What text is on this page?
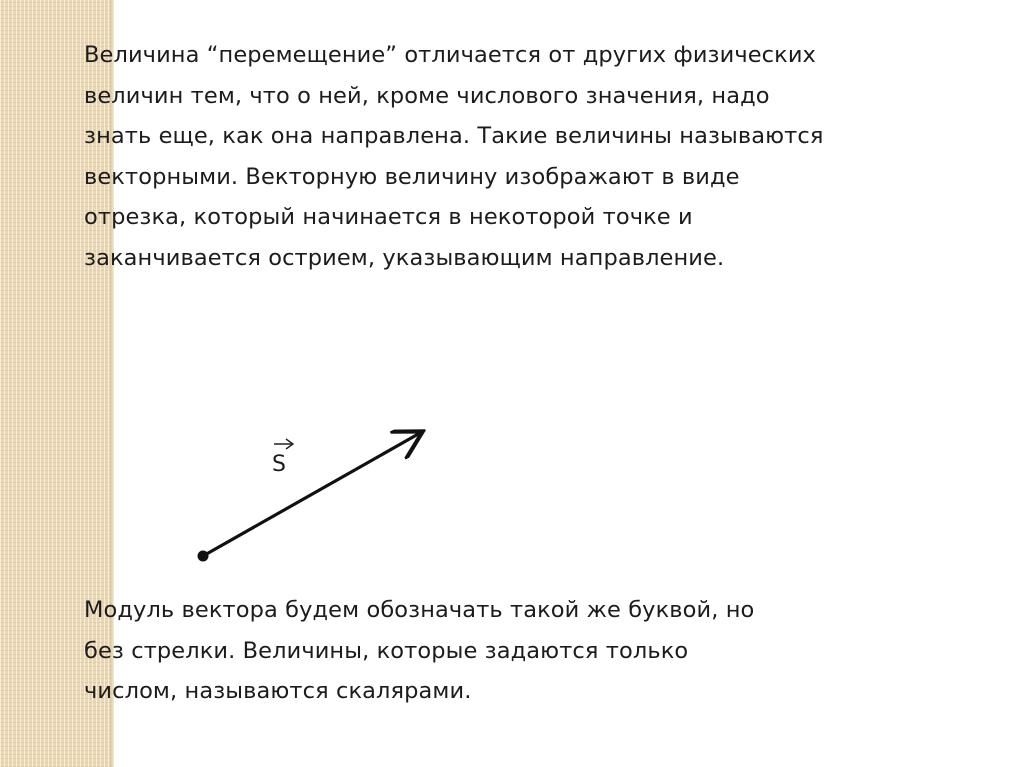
Величина “перемещение” отличается от других физических
величин тем, что о ней, кроме числового значения, надо
знать еще, как она направлена. Такие величины называются
векторными. Векторную величину изображают в виде
отрезка, который начинается в некоторой точке и
заканчивается острием, указывающим направление.

S

Модуль вектора будем обозначать такой же буквой, но
без стрелки. Величины, которые задаются только
числом, называются скалярами.
